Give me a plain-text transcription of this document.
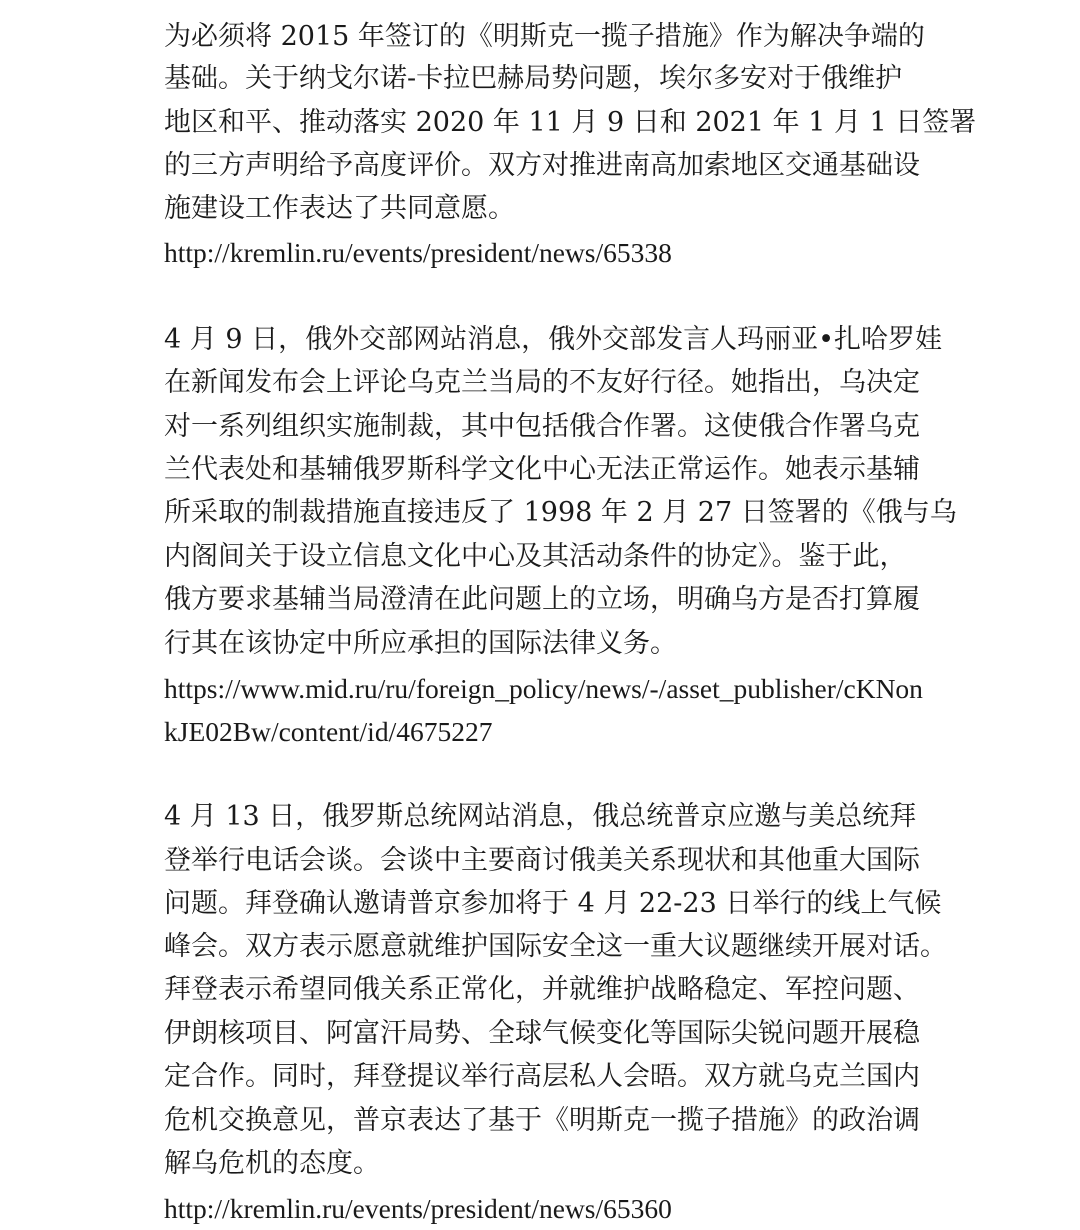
为必须将 2015 年签订的《明斯克一揽子措施》作为解决争端的
基础。关于纳戈尔诺-卡拉巴赫局势问题，埃尔多安对于俄维护
地区和平、推动落实 2020 年 11 月 9 日和 2021 年 1 月 1 日签署
的三方声明给予高度评价。双方对推进南高加索地区交通基础设
施建设工作表达了共同意愿。
http://kremlin.ru/events/president/news/65338
4 月 9 日，俄外交部网站消息，俄外交部发言人玛丽亚•扎哈罗娃
在新闻发布会上评论乌克兰当局的不友好行径。她指出，乌决定
对一系列组织实施制裁，其中包括俄合作署。这使俄合作署乌克
兰代表处和基辅俄罗斯科学文化中心无法正常运作。她表示基辅
所采取的制裁措施直接违反了 1998 年 2 月 27 日签署的《俄与乌
内阁间关于设立信息文化中心及其活动条件的协定》。鉴于此，
俄方要求基辅当局澄清在此问题上的立场，明确乌方是否打算履
行其在该协定中所应承担的国际法律义务。
https://www.mid.ru/ru/foreign_policy/news/-/asset_publisher/cKNon
kJE02Bw/content/id/4675227
4 月 13 日，俄罗斯总统网站消息，俄总统普京应邀与美总统拜
登举行电话会谈。会谈中主要商讨俄美关系现状和其他重大国际
问题。拜登确认邀请普京参加将于 4 月 22-23 日举行的线上气候
峰会。双方表示愿意就维护国际安全这一重大议题继续开展对话。
拜登表示希望同俄关系正常化，并就维护战略稳定、军控问题、
伊朗核项目、阿富汗局势、全球气候变化等国际尖锐问题开展稳
定合作。同时，拜登提议举行高层私人会晤。双方就乌克兰国内
危机交换意见，普京表达了基于《明斯克一揽子措施》的政治调
解乌危机的态度。
http://kremlin.ru/events/president/news/65360
